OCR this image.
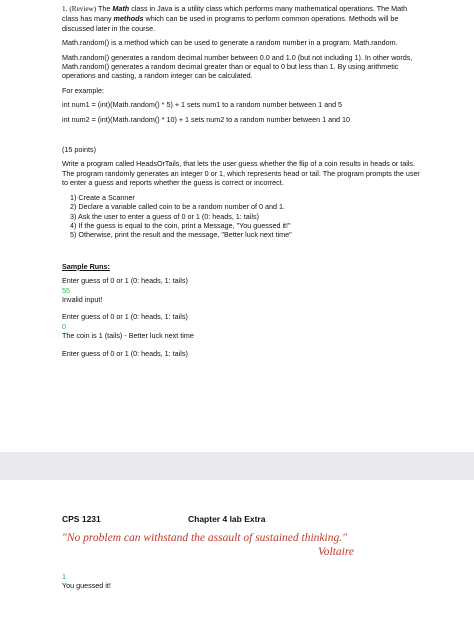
1. (Review) The Math class in Java is a utility class which performs many mathematical operations. The Math class has many methods which can be used in programs to perform common operations. Methods will be discussed later in the course.

Math.random() is a method which can be used to generate a random number in a program. Math.random.

Math.random() generates a random decimal number between 0.0 and 1.0 (but not including 1). In other words, Math.random() generates a random decimal greater than or equal to 0 but less than 1. By using arithmetic operations and casting, a random integer can be calculated.

For example:

int num1 = (int)(Math.random() * 5) + 1 sets num1 to a random number between 1 and 5

int num2 = (int)(Math.random() * 10) + 1 sets num2 to a random number between 1 and 10

(15 points)

Write a program called HeadsOrTails, that lets the user guess whether the flip of a coin results in heads or tails. The program randomly generates an integer 0 or 1, which represents head or tail. The program prompts the user to enter a guess and reports whether the guess is correct or incorrect.

1) Create a Scanner
2) Declare a variable called coin to be a random number of 0 and 1.
3) Ask the user to enter a guess of 0 or 1 (0: heads, 1: tails)
4) If the guess is equal to the coin, print a Message, "You guessed it!"
5) Otherwise, print the result and the message, "Better luck next time"

Sample Runs:

Enter guess of 0 or 1 (0: heads, 1: tails)
55
Invalid input!
Enter guess of 0 or 1 (0: heads, 1: tails)
0
The coin is 1 (tails) - Better luck next time
Enter guess of 0 or 1 (0: heads, 1: tails)
CPS 1231	Chapter 4 lab Extra
"No problem can withstand the assault of sustained thinking."
Voltaire
1
You guessed it!
